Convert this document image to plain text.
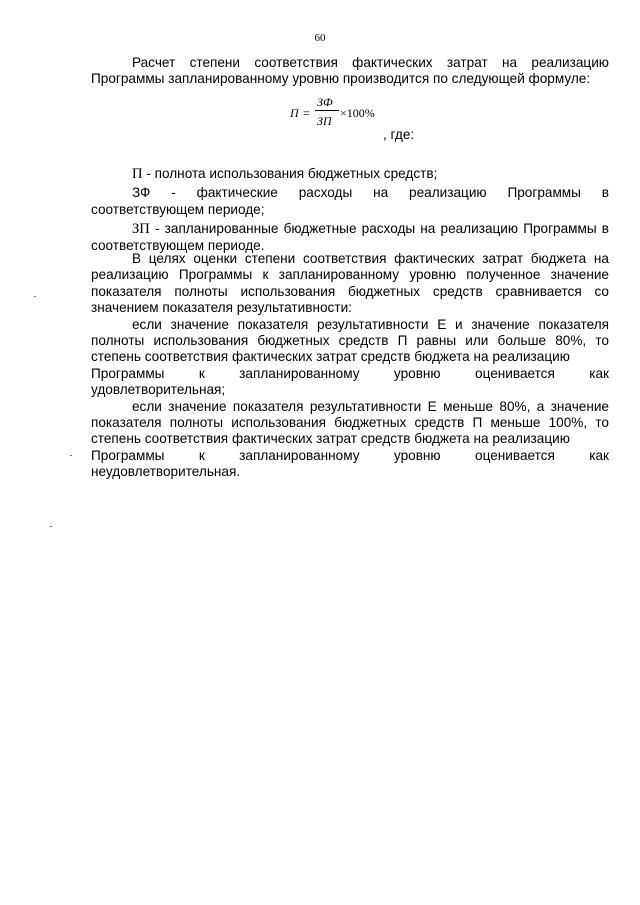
60

Расчет степени соответствия фактических затрат на реализацию

Программы запланированному уровню производится по следующей формуле:

П =
ЗФ
ЗП
×100%
, где:

П - полнота использования бюджетных средств;

ЗФ - фактические расходы на реализацию Программы в

соответствующем периоде;

ЗП - запланированные бюджетные расходы на реализацию Программы в соответствующем периоде.

В целях оценки степени соответствия фактических затрат бюджета на реализацию Программы к запланированному уровню полученное значение показателя полноты использования бюджетных средств сравнивается со значением показателя результативности:

если значение показателя результативности Е и значение показателя полноты использования бюджетных средств П равны или больше 80%, то степень соответствия фактических затрат средств бюджета на реализацию

Программы к запланированному уровню оценивается как

удовлетворительная;

если значение показателя результативности Е меньше 80%, а значение показателя полноты использования бюджетных средств П меньше 100%, то степень соответствия фактических затрат средств бюджета на реализацию

Программы к запланированному уровню оценивается как

неудовлетворительная.
